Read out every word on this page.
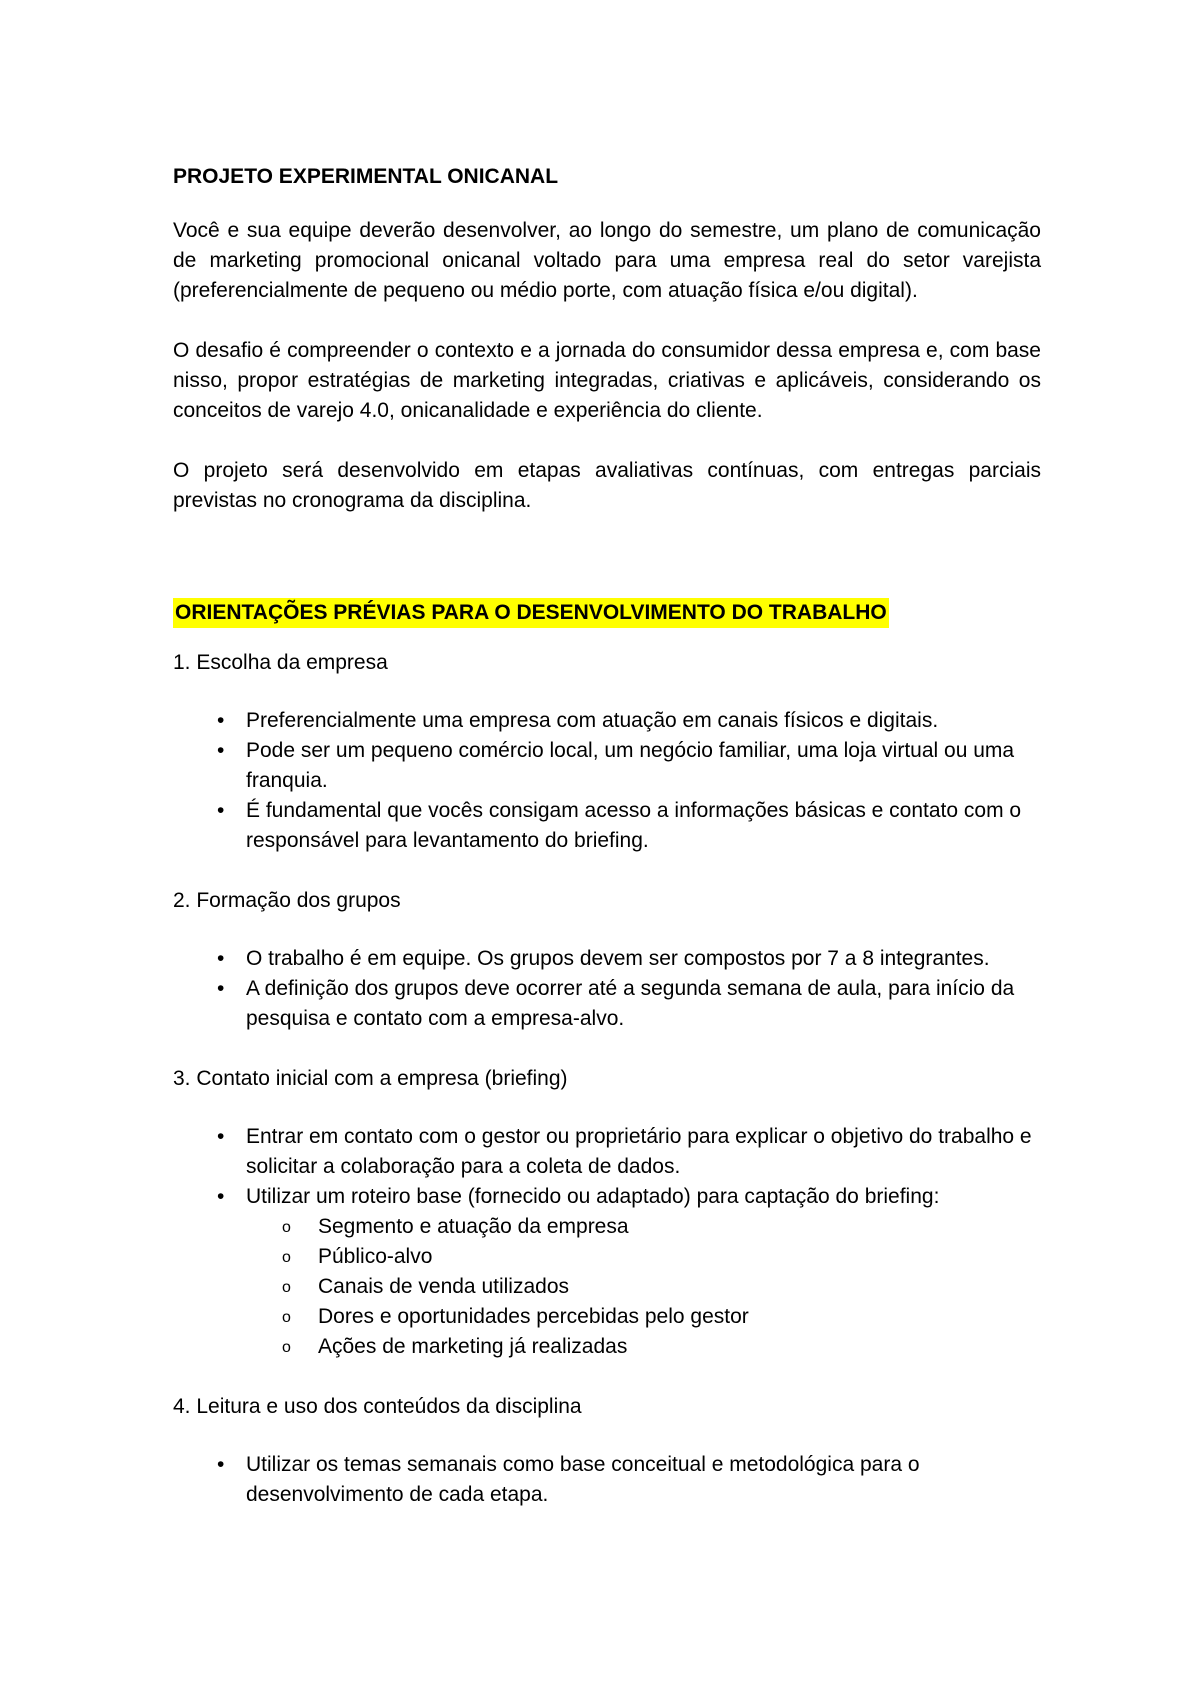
PROJETO EXPERIMENTAL ONICANAL

Você e sua equipe deverão desenvolver, ao longo do semestre, um plano de comunicação de marketing promocional onicanal voltado para uma empresa real do setor varejista (preferencialmente de pequeno ou médio porte, com atuação física e/ou digital).

O desafio é compreender o contexto e a jornada do consumidor dessa empresa e, com base nisso, propor estratégias de marketing integradas, criativas e aplicáveis, considerando os conceitos de varejo 4.0, onicanalidade e experiência do cliente.

O projeto será desenvolvido em etapas avaliativas contínuas, com entregas parciais previstas no cronograma da disciplina.

ORIENTAÇÕES PRÉVIAS PARA O DESENVOLVIMENTO DO TRABALHO
1. Escolha da empresa
• Preferencialmente uma empresa com atuação em canais físicos e digitais.
• Pode ser um pequeno comércio local, um negócio familiar, uma loja virtual ou uma franquia.
• É fundamental que vocês consigam acesso a informações básicas e contato com o responsável para levantamento do briefing.
2. Formação dos grupos
• O trabalho é em equipe. Os grupos devem ser compostos por 7 a 8 integrantes.
• A definição dos grupos deve ocorrer até a segunda semana de aula, para início da pesquisa e contato com a empresa-alvo.
3. Contato inicial com a empresa (briefing)
• Entrar em contato com o gestor ou proprietário para explicar o objetivo do trabalho e solicitar a colaboração para a coleta de dados.
• Utilizar um roteiro base (fornecido ou adaptado) para captação do briefing:
o Segmento e atuação da empresa
o Público-alvo
o Canais de venda utilizados
o Dores e oportunidades percebidas pelo gestor
o Ações de marketing já realizadas
4. Leitura e uso dos conteúdos da disciplina
• Utilizar os temas semanais como base conceitual e metodológica para o desenvolvimento de cada etapa.
